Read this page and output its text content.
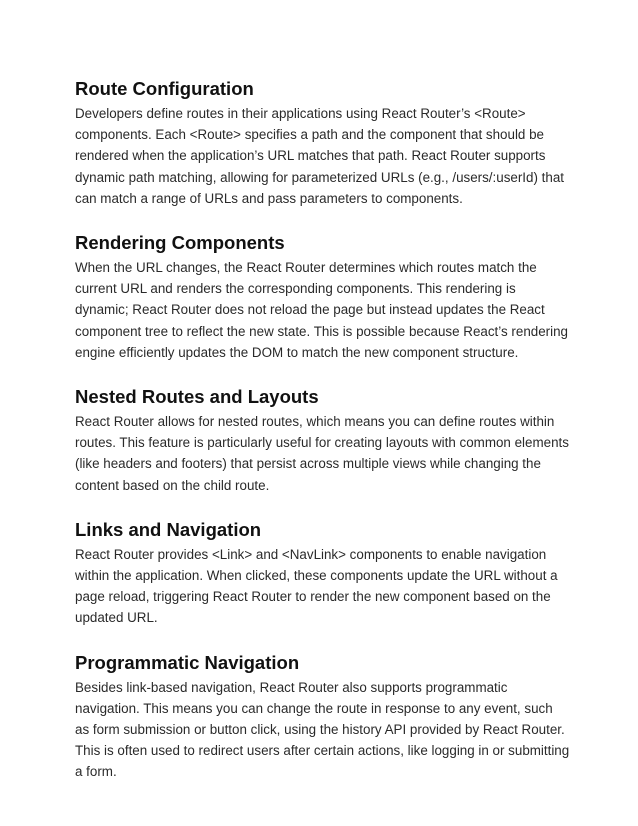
Route Configuration

Developers define routes in their applications using React Router’s <Route> components. Each <Route> specifies a path and the component that should be rendered when the application’s URL matches that path. React Router supports dynamic path matching, allowing for parameterized URLs (e.g., /users/:userId) that can match a range of URLs and pass parameters to components.

Rendering Components

When the URL changes, the React Router determines which routes match the current URL and renders the corresponding components. This rendering is dynamic; React Router does not reload the page but instead updates the React component tree to reflect the new state. This is possible because React’s rendering engine efficiently updates the DOM to match the new component structure.

Nested Routes and Layouts

React Router allows for nested routes, which means you can define routes within routes. This feature is particularly useful for creating layouts with common elements (like headers and footers) that persist across multiple views while changing the content based on the child route.

Links and Navigation

React Router provides <Link> and <NavLink> components to enable navigation within the application. When clicked, these components update the URL without a page reload, triggering React Router to render the new component based on the updated URL.

Programmatic Navigation

Besides link-based navigation, React Router also supports programmatic navigation. This means you can change the route in response to any event, such as form submission or button click, using the history API provided by React Router. This is often used to redirect users after certain actions, like logging in or submitting a form.
